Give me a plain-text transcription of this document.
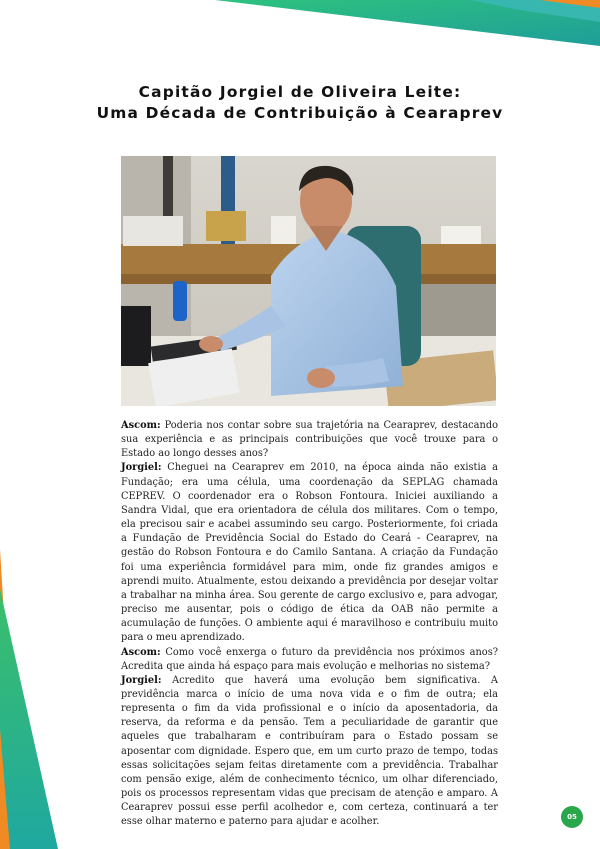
Capitão Jorgiel de Oliveira Leite:
Uma Década de Contribuição à Cearaprev

Ascom: Poderia nos contar sobre sua trajetória na Cearaprev, destacando sua experiência e as principais contribuições que você trouxe para o Estado ao longo desses anos?

Jorgiel: Cheguei na Cearaprev em 2010, na época ainda não existia a Fundação; era uma célula, uma coordenação da SEPLAG chamada CEPREV. O coordenador era o Robson Fontoura. Iniciei auxiliando a Sandra Vidal, que era orientadora de célula dos militares. Com o tempo, ela precisou sair e acabei assumindo seu cargo. Posteriormente, foi criada a Fundação de Previdência Social do Estado do Ceará - Cearaprev, na gestão do Robson Fontoura e do Camilo Santana. A criação da Fundação foi uma experiência formidável para mim, onde fiz grandes amigos e aprendi muito. Atualmente, estou deixando a previdência por desejar voltar a trabalhar na minha área. Sou gerente de cargo exclusivo e, para advogar, preciso me ausentar, pois o código de ética da OAB não permite a acumulação de funções. O ambiente aqui é maravilhoso e contribuiu muito para o meu aprendizado.

Ascom: Como você enxerga o futuro da previdência nos próximos anos? Acredita que ainda há espaço para mais evolução e melhorias no sistema?

Jorgiel: Acredito que haverá uma evolução bem significativa. A previdência marca o início de uma nova vida e o fim de outra; ela representa o fim da vida profissional e o início da aposentadoria, da reserva, da reforma e da pensão. Tem a peculiaridade de garantir que aqueles que trabalharam e contribuíram para o Estado possam se aposentar com dignidade. Espero que, em um curto prazo de tempo, todas essas solicitações sejam feitas diretamente com a previdência. Trabalhar com pensão exige, além de conhecimento técnico, um olhar diferenciado, pois os processos representam vidas que precisam de atenção e amparo. A Cearaprev possui esse perfil acolhedor e, com certeza, continuará a ter esse olhar materno e paterno para ajudar e acolher.	05
